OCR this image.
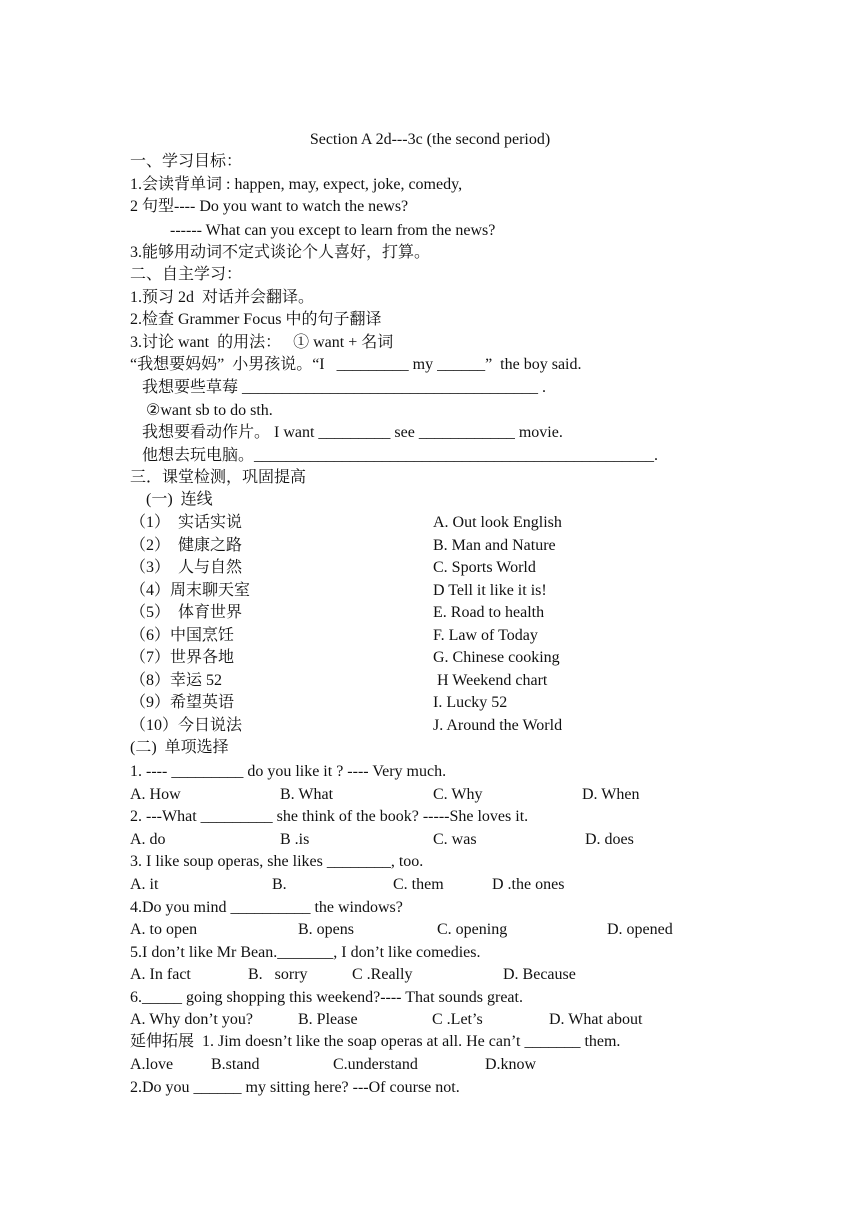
Section A 2d---3c (the second period)
一、学习目标：
1.会读背单词 : happen, may, expect, joke, comedy,
2 句型---- Do you want to watch the news?
------ What can you except to learn from the news?
3.能够用动词不定式谈论个人喜好，打算。
二、自主学习：
1.预习 2d  对话并会翻译。
2.检查 Grammer Focus 中的句子翻译
3.讨论 want  的用法：   ① want + 名词
“我想要妈妈”  小男孩说。“I   _________ my ______”  the boy said.
我想要些草莓 _____________________________________ .
②want sb to do sth.
我想要看动作片。 I want _________ see ____________ movie.
他想去玩电脑。__________________________________________________.
三．课堂检测，巩固提高
(一)  连线
（1）  实话实说	A. Out look English
（2）  健康之路	B. Man and Nature
（3）  人与自然	C. Sports World
（4）周末聊天室	D Tell it like it is!
（5）  体育世界	E. Road to health
（6）中国烹饪	F. Law of Today
（7）世界各地	G. Chinese cooking
（8）幸运 52	H Weekend chart
（9）希望英语	I. Lucky 52
（10）今日说法	J. Around the World
(二)  单项选择
1. ---- _________ do you like it ? ---- Very much.
A. How	B. What	C. Why	D. When
2. ---What _________ she think of the book? -----She loves it.
A. do	B .is	C. was	D. does
3. I like soup operas, she likes ________, too.
A. it	B.	C. them	D .the ones
4.Do you mind __________ the windows?
A. to open	B. opens	C. opening	D. opened
5.I don’t like Mr Bean._______, I don’t like comedies.
A. In fact	B.   sorry	C .Really	D. Because
6._____ going shopping this weekend?---- That sounds great.
A. Why don’t you?	B. Please	C .Let’s	D. What about
延伸拓展  1. Jim doesn’t like the soap operas at all. He can’t _______ them.
A.love B.stand	C.understand	D.know
2.Do you ______ my sitting here? ---Of course not.
